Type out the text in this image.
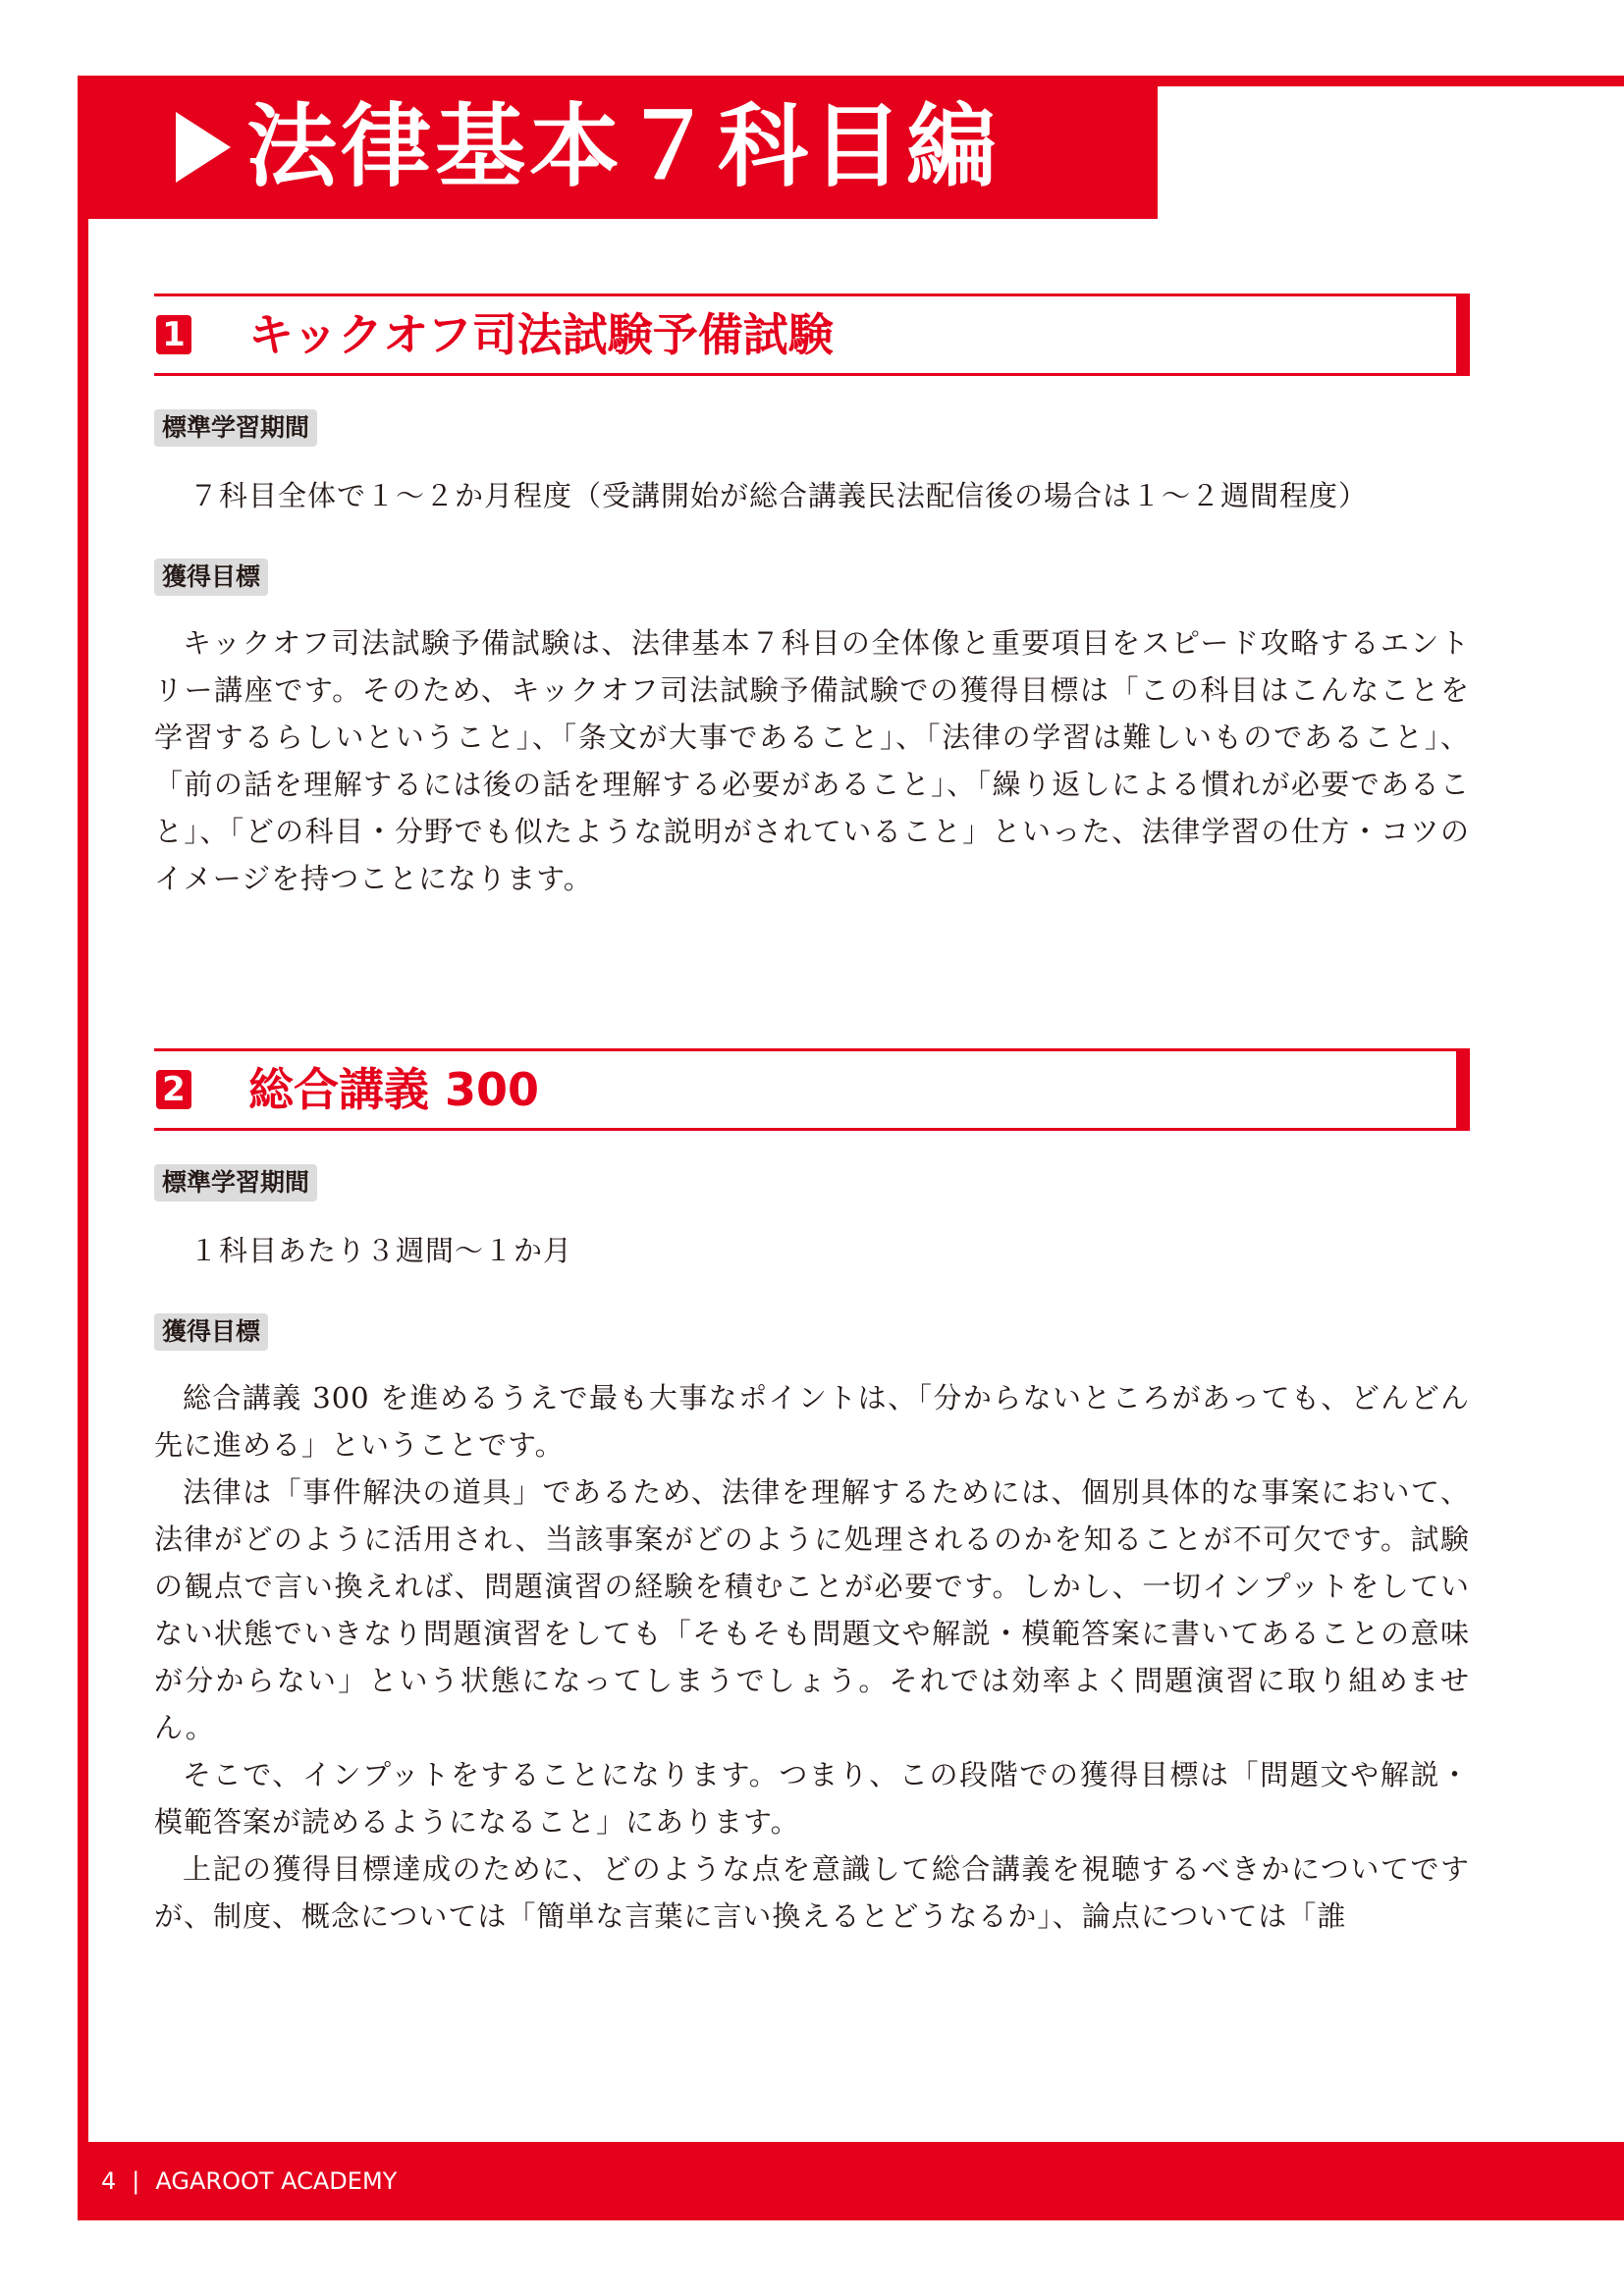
法律基本７科目編
1 キックオフ司法試験予備試験
標準学習期間

７科目全体で１〜２か月程度（受講開始が総合講義民法配信後の場合は１〜２週間程度）

獲得目標

キックオフ司法試験予備試験は、法律基本７科目の全体像と重要項目をスピード攻略するエントリー講座です。そのため、キックオフ司法試験予備試験での獲得目標は「この科目はこんなことを学習するらしいということ」、「条文が大事であること」、「法律の学習は難しいものであること」、「前の話を理解するには後の話を理解する必要があること」、「繰り返しによる慣れが必要であること」、「どの科目・分野でも似たような説明がされていること」といった、法律学習の仕方・コツのイメージを持つことになります。

2 総合講義 300
標準学習期間

１科目あたり３週間〜１か月

獲得目標

総合講義 300 を進めるうえで最も大事なポイントは、「分からないところがあっても、どんどん先に進める」ということです。

法律は「事件解決の道具」であるため、法律を理解するためには、個別具体的な事案において、法律がどのように活用され、当該事案がどのように処理されるのかを知ることが不可欠です。試験の観点で言い換えれば、問題演習の経験を積むことが必要です。しかし、一切インプットをしていない状態でいきなり問題演習をしても「そもそも問題文や解説・模範答案に書いてあることの意味が分からない」という状態になってしまうでしょう。それでは効率よく問題演習に取り組めません。

そこで、インプットをすることになります。つまり、この段階での獲得目標は「問題文や解説・模範答案が読めるようになること」にあります。

上記の獲得目標達成のために、どのような点を意識して総合講義を視聴するべきかについてですが、制度、概念については「簡単な言葉に言い換えるとどうなるか」、論点については「誰

4 | AGAROOT ACADEMY
